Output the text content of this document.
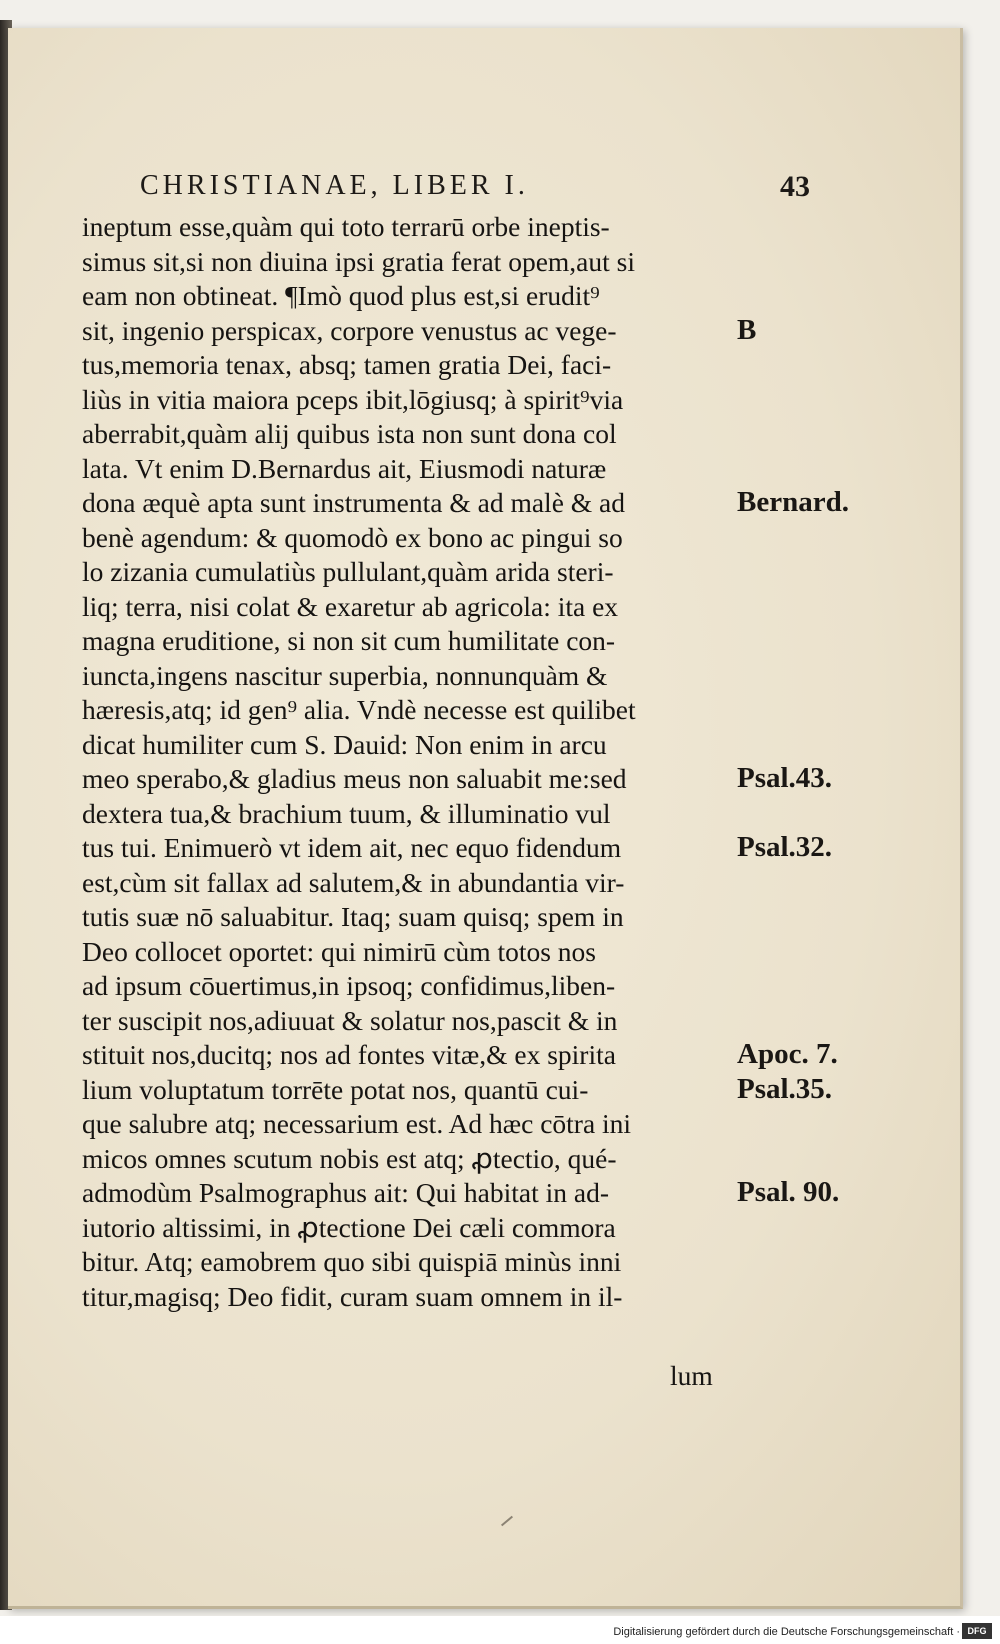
CHRISTIANAE, LIBER I.	43
ineptum esse,quàm qui toto terrarū orbe ineptis-
simus sit,si non diuina ipsi gratia ferat opem,aut si
eam non obtineat. ¶Imò quod plus est,si erudit⁹
sit, ingenio perspicax, corpore venustus ac vege-
tus,memoria tenax, absq; tamen gratia Dei, faci-
liùs in vitia maiora pceps ibit,lōgiusq; à spirit⁹via
aberrabit,quàm alij quibus ista non sunt dona col
lata. Vt enim D.Bernardus ait, Eiusmodi naturæ
dona æquè apta sunt instrumenta & ad malè & ad
benè agendum: & quomodò ex bono ac pingui so
lo zizania cumulatiùs pullulant,quàm arida steri-
liq; terra, nisi colat & exaretur ab agricola: ita ex
magna eruditione, si non sit cum humilitate con-
iuncta,ingens nascitur superbia, nonnunquàm &
hæresis,atq; id gen⁹ alia. Vndè necesse est quilibet
dicat humiliter cum S. Dauid: Non enim in arcu
meo sperabo,& gladius meus non saluabit me:sed
dextera tua,& brachium tuum, & illuminatio vul
tus tui. Enimuerò vt idem ait, nec equo fidendum
est,cùm sit fallax ad salutem,& in abundantia vir-
tutis suæ nō saluabitur. Itaq; suam quisq; spem in
Deo collocet oportet: qui nimirū cùm totos nos
ad ipsum cōuertimus,in ipsoq; confidimus,liben-
ter suscipit nos,adiuuat & solatur nos,pascit & in
stituit nos,ducitq; nos ad fontes vitæ,& ex spirita
lium voluptatum torrēte potat nos, quantū cui-
que salubre atq; necessarium est. Ad hæc cōtra ini
micos omnes scutum nobis est atq; ꝓtectio, qué-
admodùm Psalmographus ait: Qui habitat in ad-
iutorio altissimi, in ꝓtectione Dei cæli commora
bitur. Atq; eamobrem quo sibi quispiā minùs inni
titur,magisq; Deo fidit, curam suam omnem in il-
B
Bernard.
Psal.43.
Psal.32.
Apoc. 7.
Psal.35.
Psal. 90.
lum
Digitalisierung gefördert durch die Deutsche Forschungsgemeinschaft · DFG
